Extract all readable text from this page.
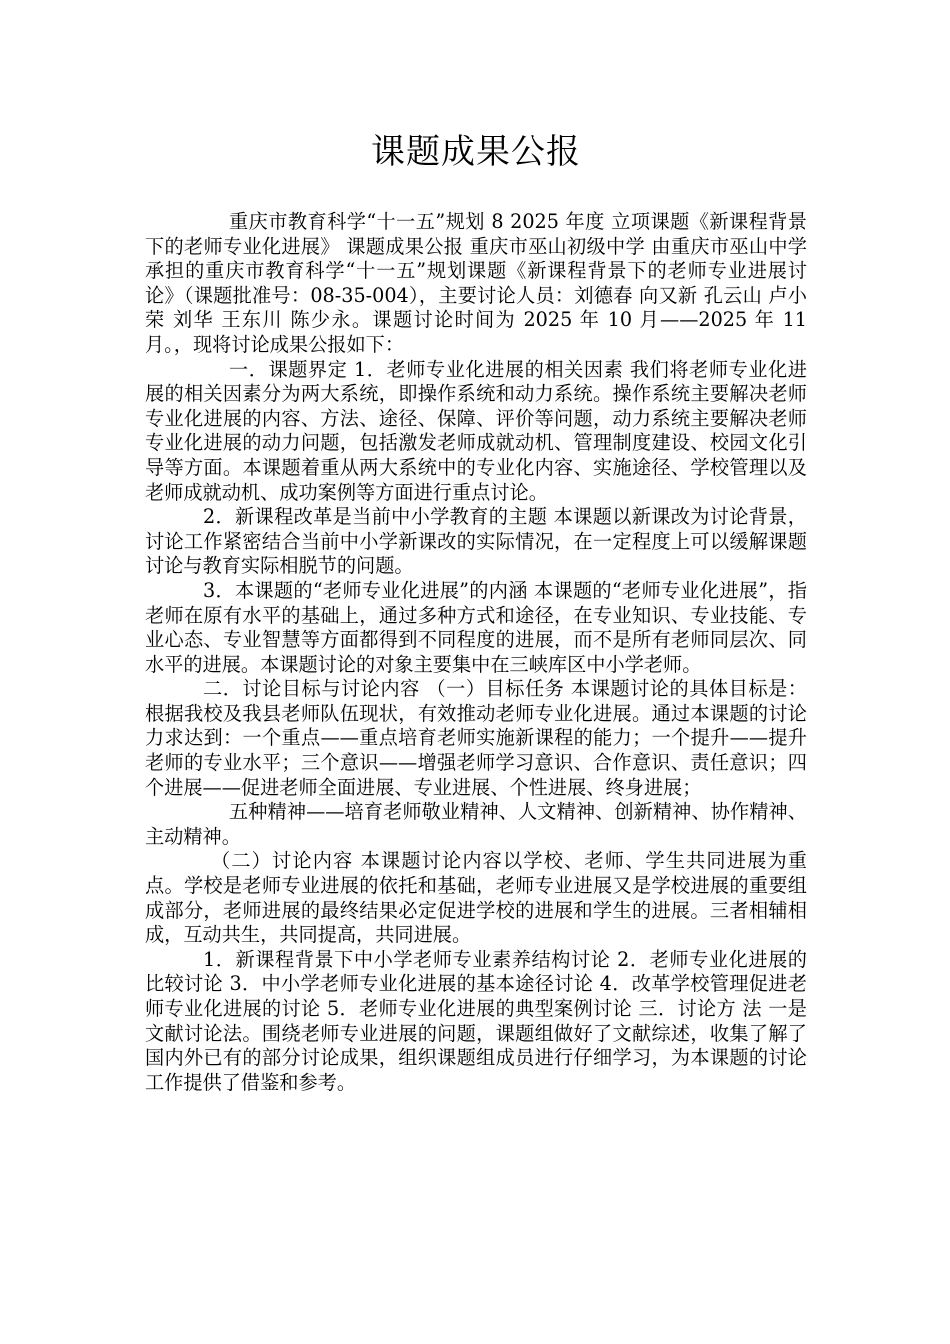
课题成果公报

重庆市教育科学“十一五”规划 8 2025 年度 立项课题《新课程背景下的老师专业化进展》 课题成果公报 重庆市巫山初级中学 由重庆市巫山中学承担的重庆市教育科学“十一五”规划课题《新课程背景下的老师专业进展讨论》（课题批准号：08-35-004），主要讨论人员：刘德春 向又新 孔云山 卢小荣 刘华 王东川 陈少永。课题讨论时间为 2025 年 10 月——2025 年 11 月。，现将讨论成果公报如下：

一．课题界定 1．老师专业化进展的相关因素 我们将老师专业化进展的相关因素分为两大系统，即操作系统和动力系统。操作系统主要解决老师专业化进展的内容、方法、途径、保障、评价等问题，动力系统主要解决老师专业化进展的动力问题，包括激发老师成就动机、管理制度建设、校园文化引导等方面。本课题着重从两大系统中的专业化内容、实施途径、学校管理以及老师成就动机、成功案例等方面进行重点讨论。

2．新课程改革是当前中小学教育的主题 本课题以新课改为讨论背景，讨论工作紧密结合当前中小学新课改的实际情况，在一定程度上可以缓解课题讨论与教育实际相脱节的问题。

3．本课题的“老师专业化进展”的内涵 本课题的“老师专业化进展”，指老师在原有水平的基础上，通过多种方式和途径，在专业知识、专业技能、专业心态、专业智慧等方面都得到不同程度的进展，而不是所有老师同层次、同水平的进展。本课题讨论的对象主要集中在三峡库区中小学老师。

二．讨论目标与讨论内容 （一）目标任务 本课题讨论的具体目标是：根据我校及我县老师队伍现状，有效推动老师专业化进展。通过本课题的讨论力求达到：一个重点——重点培育老师实施新课程的能力；一个提升——提升老师的专业水平；三个意识——增强老师学习意识、合作意识、责任意识；四个进展——促进老师全面进展、专业进展、个性进展、终身进展；

五种精神——培育老师敬业精神、人文精神、创新精神、协作精神、主动精神。

（二）讨论内容 本课题讨论内容以学校、老师、学生共同进展为重点。学校是老师专业进展的依托和基础，老师专业进展又是学校进展的重要组成部分，老师进展的最终结果必定促进学校的进展和学生的进展。三者相辅相成，互动共生，共同提高，共同进展。

1．新课程背景下中小学老师专业素养结构讨论 2．老师专业化进展的比较讨论 3．中小学老师专业化进展的基本途径讨论 4．改革学校管理促进老师专业化进展的讨论 5．老师专业化进展的典型案例讨论 三．讨论方 法 一是文献讨论法。围绕老师专业进展的问题，课题组做好了文献综述，收集了解了国内外已有的部分讨论成果，组织课题组成员进行仔细学习，为本课题的讨论工作提供了借鉴和参考。
